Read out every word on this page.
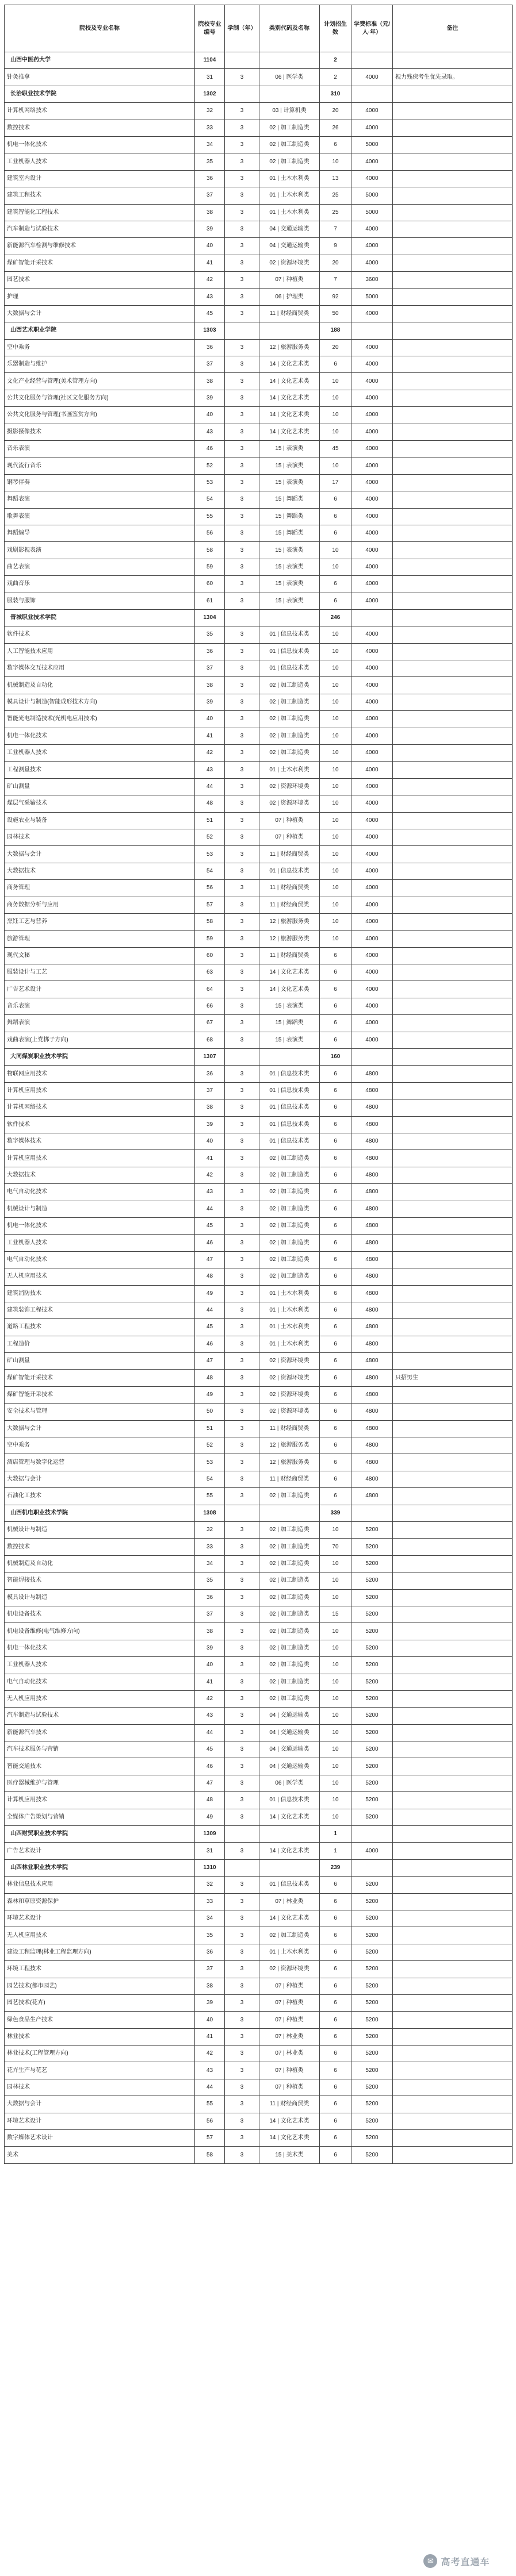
院校及专业名称	院校专业编号	学制（年）	类别代码及名称	计划招生数	学费标准（元/人·年）	备注
山西中医药大学	1104			2		
针灸推拿	31	3	06 | 医学类	2	4000	视力残疾考生优先录取。
长治职业技术学院	1302			310		
计算机网络技术	32	3	03 | 计算机类	20	4000	
数控技术	33	3	02 | 加工制造类	26	4000	
机电一体化技术	34	3	02 | 加工制造类	6	5000	
工业机器人技术	35	3	02 | 加工制造类	10	4000	
建筑室内设计	36	3	01 | 土木水利类	13	4000	
建筑工程技术	37	3	01 | 土木水利类	25	5000	
建筑智能化工程技术	38	3	01 | 土木水利类	25	5000	
汽车制造与试验技术	39	3	04 | 交通运输类	7	4000	
新能源汽车检测与维修技术	40	3	04 | 交通运输类	9	4000	
煤矿智能开采技术	41	3	02 | 资源环境类	20	4000	
园艺技术	42	3	07 | 种植类	7	3600	
护理	43	3	06 | 护理类	92	5000	
大数据与会计	45	3	11 | 财经商贸类	50	4000	
山西艺术职业学院	1303			188		
空中乘务	36	3	12 | 旅游服务类	20	4000	
乐器制造与维护	37	3	14 | 文化艺术类	6	4000	
文化产业经营与管理(美术管理方向)	38	3	14 | 文化艺术类	10	4000	
公共文化服务与管理(社区文化服务方向)	39	3	14 | 文化艺术类	10	4000	
公共文化服务与管理(书画鉴赏方向)	40	3	14 | 文化艺术类	10	4000	
摄影摄像技术	43	3	14 | 文化艺术类	10	4000	
音乐表演	46	3	15 | 表演类	45	4000	
现代流行音乐	52	3	15 | 表演类	10	4000	
钢琴伴奏	53	3	15 | 表演类	17	4000	
舞蹈表演	54	3	15 | 舞蹈类	6	4000	
歌舞表演	55	3	15 | 舞蹈类	6	4000	
舞蹈编导	56	3	15 | 舞蹈类	6	4000	
戏剧影视表演	58	3	15 | 表演类	10	4000	
曲艺表演	59	3	15 | 表演类	10	4000	
戏曲音乐	60	3	15 | 表演类	6	4000	
服装与服饰	61	3	15 | 表演类	6	4000	
晋城职业技术学院	1304			246		
软件技术	35	3	01 | 信息技术类	10	4000	
人工智能技术应用	36	3	01 | 信息技术类	10	4000	
数字媒体交互技术应用	37	3	01 | 信息技术类	10	4000	
机械制造及自动化	38	3	02 | 加工制造类	10	4000	
模具设计与制造(智能成形技术方向)	39	3	02 | 加工制造类	10	4000	
智能光电制造技术(光机电应用技术)	40	3	02 | 加工制造类	10	4000	
机电一体化技术	41	3	02 | 加工制造类	10	4000	
工业机器人技术	42	3	02 | 加工制造类	10	4000	
工程测量技术	43	3	01 | 土木水利类	10	4000	
矿山测量	44	3	02 | 资源环境类	10	4000	
煤层气采输技术	48	3	02 | 资源环境类	10	4000	
设施农业与装备	51	3	07 | 种植类	10	4000	
园林技术	52	3	07 | 种植类	10	4000	
大数据与会计	53	3	11 | 财经商贸类	10	4000	
大数据技术	54	3	01 | 信息技术类	10	4000	
商务管理	56	3	11 | 财经商贸类	10	4000	
商务数据分析与应用	57	3	11 | 财经商贸类	10	4000	
烹饪工艺与营养	58	3	12 | 旅游服务类	10	4000	
旅游管理	59	3	12 | 旅游服务类	10	4000	
现代文秘	60	3	11 | 财经商贸类	6	4000	
服装设计与工艺	63	3	14 | 文化艺术类	6	4000	
广告艺术设计	64	3	14 | 文化艺术类	6	4000	
音乐表演	66	3	15 | 表演类	6	4000	
舞蹈表演	67	3	15 | 舞蹈类	6	4000	
戏曲表演(上党梆子方向)	68	3	15 | 表演类	6	4000	
大同煤炭职业技术学院	1307			160		
物联网应用技术	36	3	01 | 信息技术类	6	4800	
计算机应用技术	37	3	01 | 信息技术类	6	4800	
计算机网络技术	38	3	01 | 信息技术类	6	4800	
软件技术	39	3	01 | 信息技术类	6	4800	
数字媒体技术	40	3	01 | 信息技术类	6	4800	
计算机应用技术	41	3	02 | 加工制造类	6	4800	
大数据技术	42	3	02 | 加工制造类	6	4800	
电气自动化技术	43	3	02 | 加工制造类	6	4800	
机械设计与制造	44	3	02 | 加工制造类	6	4800	
机电一体化技术	45	3	02 | 加工制造类	6	4800	
工业机器人技术	46	3	02 | 加工制造类	6	4800	
电气自动化技术	47	3	02 | 加工制造类	6	4800	
无人机应用技术	48	3	02 | 加工制造类	6	4800	
建筑消防技术	49	3	01 | 土木水利类	6	4800	
建筑装饰工程技术	44	3	01 | 土木水利类	6	4800	
道路工程技术	45	3	01 | 土木水利类	6	4800	
工程造价	46	3	01 | 土木水利类	6	4800	
矿山测量	47	3	02 | 资源环境类	6	4800	
煤矿智能开采技术	48	3	02 | 资源环境类	6	4800	只招男生
煤矿智能开采技术	49	3	02 | 资源环境类	6	4800	
安全技术与管理	50	3	02 | 资源环境类	6	4800	
大数据与会计	51	3	11 | 财经商贸类	6	4800	
空中乘务	52	3	12 | 旅游服务类	6	4800	
酒店管理与数字化运营	53	3	12 | 旅游服务类	6	4800	
大数据与会计	54	3	11 | 财经商贸类	6	4800	
石油化工技术	55	3	02 | 加工制造类	6	4800	
山西机电职业技术学院	1308			339		
机械设计与制造	32	3	02 | 加工制造类	10	5200	
数控技术	33	3	02 | 加工制造类	70	5200	
机械制造及自动化	34	3	02 | 加工制造类	10	5200	
智能焊接技术	35	3	02 | 加工制造类	10	5200	
模具设计与制造	36	3	02 | 加工制造类	10	5200	
机电设备技术	37	3	02 | 加工制造类	15	5200	
机电设备维修(电气维修方向)	38	3	02 | 加工制造类	10	5200	
机电一体化技术	39	3	02 | 加工制造类	10	5200	
工业机器人技术	40	3	02 | 加工制造类	10	5200	
电气自动化技术	41	3	02 | 加工制造类	10	5200	
无人机应用技术	42	3	02 | 加工制造类	10	5200	
汽车制造与试验技术	43	3	04 | 交通运输类	10	5200	
新能源汽车技术	44	3	04 | 交通运输类	10	5200	
汽车技术服务与营销	45	3	04 | 交通运输类	10	5200	
智能交通技术	46	3	04 | 交通运输类	10	5200	
医疗器械维护与管理	47	3	06 | 医学类	10	5200	
计算机应用技术	48	3	01 | 信息技术类	10	5200	
全媒体广告策划与营销	49	3	14 | 文化艺术类	10	5200	
山西财贸职业技术学院	1309			1		
广告艺术设计	31	3	14 | 文化艺术类	1	4000	
山西林业职业技术学院	1310			239		
林业信息技术应用	32	3	01 | 信息技术类	6	5200	
森林和草原资源保护	33	3	07 | 林业类	6	5200	
环境艺术设计	34	3	14 | 文化艺术类	6	5200	
无人机应用技术	35	3	02 | 加工制造类	6	5200	
建设工程监理(林业工程监理方向)	36	3	01 | 土木水利类	6	5200	
环境工程技术	37	3	02 | 资源环境类	6	5200	
园艺技术(都市园艺)	38	3	07 | 种植类	6	5200	
园艺技术(花卉)	39	3	07 | 种植类	6	5200	
绿色食品生产技术	40	3	07 | 种植类	6	5200	
林业技术	41	3	07 | 林业类	6	5200	
林业技术(工程管理方向)	42	3	07 | 林业类	6	5200	
花卉生产与花艺	43	3	07 | 种植类	6	5200	
园林技术	44	3	07 | 种植类	6	5200	
大数据与会计	55	3	11 | 财经商贸类	6	5200	
环境艺术设计	56	3	14 | 文化艺术类	6	5200	
数字媒体艺术设计	57	3	14 | 文化艺术类	6	5200	
美术	58	3	15 | 美术类	6	5200	
✉ 高考直通车
